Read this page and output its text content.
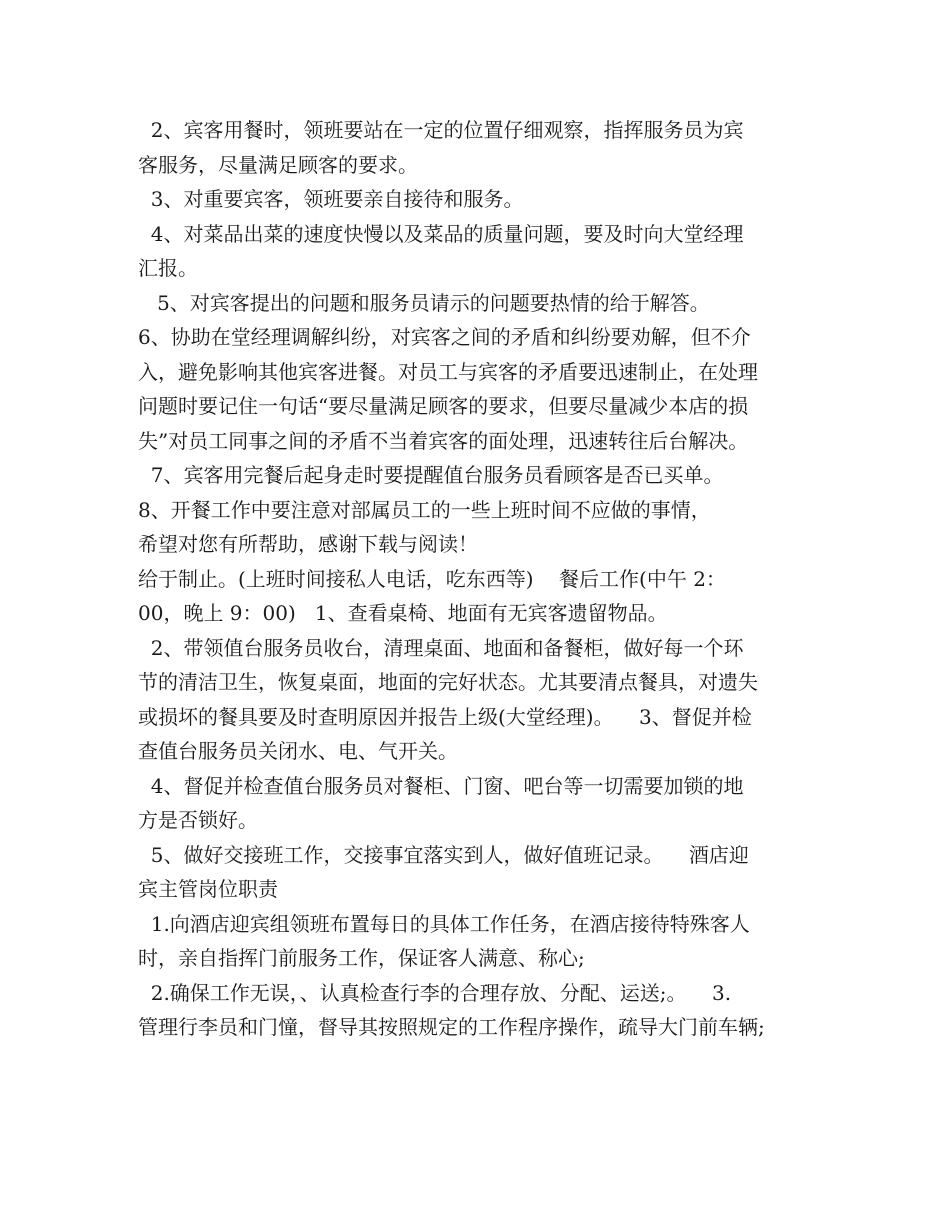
2、宾客用餐时，领班要站在一定的位置仔细观察，指挥服务员为宾
客服务，尽量满足顾客的要求。
3、对重要宾客，领班要亲自接待和服务。
4、对菜品出菜的速度快慢以及菜品的质量问题，要及时向大堂经理
汇报。
5、对宾客提出的问题和服务员请示的问题要热情的给于解答。
6、协助在堂经理调解纠纷，对宾客之间的矛盾和纠纷要劝解，但不介
入，避免影响其他宾客进餐。对员工与宾客的矛盾要迅速制止，在处理
问题时要记住一句话“要尽量满足顾客的要求，但要尽量减少本店的损
失”对员工同事之间的矛盾不当着宾客的面处理，迅速转往后台解决。
7、宾客用完餐后起身走时要提醒值台服务员看顾客是否已买单。
8、开餐工作中要注意对部属员工的一些上班时间不应做的事情，
希望对您有所帮助，感谢下载与阅读！
给于制止。(上班时间接私人电话，吃东西等)    餐后工作(中午 2：
00，晚上 9：00)   1、查看桌椅、地面有无宾客遗留物品。
2、带领值台服务员收台，清理桌面、地面和备餐柜，做好每一个环
节的清洁卫生，恢复桌面，地面的完好状态。尤其要清点餐具，对遗失
或损坏的餐具要及时查明原因并报告上级(大堂经理)。    3、督促并检
查值台服务员关闭水、电、气开关。
4、督促并检查值台服务员对餐柜、门窗、吧台等一切需要加锁的地
方是否锁好。
5、做好交接班工作，交接事宜落实到人，做好值班记录。    酒店迎
宾主管岗位职责
1.向酒店迎宾组领班布置每日的具体工作任务，在酒店接待特殊客人
时，亲自指挥门前服务工作，保证客人满意、称心;
2.确保工作无误，、认真检查行李的合理存放、分配、运送;。    3.
管理行李员和门憧，督导其按照规定的工作程序操作，疏导大门前车辆;
